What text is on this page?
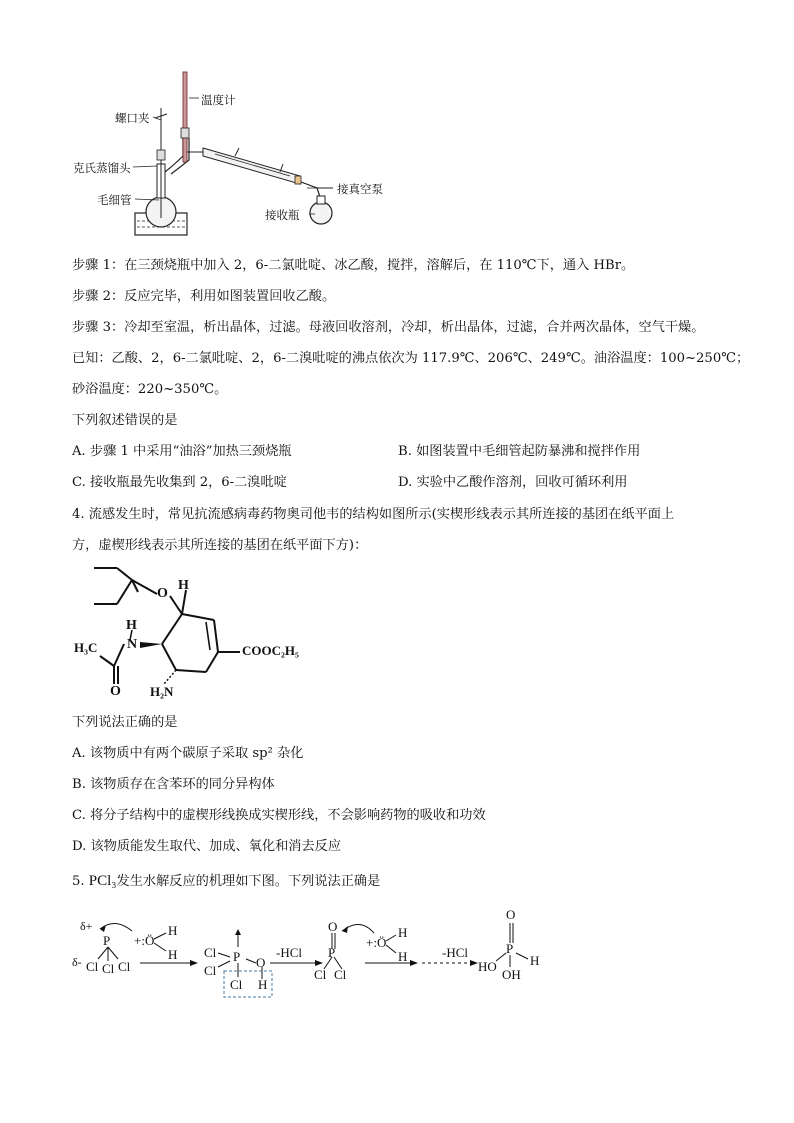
温度计
螺口夹
克氏蒸馏头
毛细管
接真空泵
接收瓶
步骤 1：在三颈烧瓶中加入 2，6-二氯吡啶、冰乙酸，搅拌，溶解后，在 110℃下，通入 HBr。
步骤 2：反应完毕，利用如图装置回收乙酸。
步骤 3：冷却至室温，析出晶体，过滤。母液回收溶剂，冷却，析出晶体，过滤，合并两次晶体，空气干燥。
已知：乙酸、2，6-二氯吡啶、2，6-二溴吡啶的沸点依次为 117.9℃、206℃、249℃。油浴温度：100~250℃；
砂浴温度：220~350℃。
下列叙述错误的是
A. 步骤 1 中采用“油浴”加热三颈烧瓶	B. 如图装置中毛细管起防暴沸和搅拌作用
C. 接收瓶最先收集到 2，6-二溴吡啶	D. 实验中乙酸作溶剂，回收可循环利用
4. 流感发生时，常见抗流感病毒药物奥司他韦的结构如图所示(实楔形线表示其所连接的基团在纸平面上
方，虚楔形线表示其所连接的基团在纸平面下方)：
H
O
H
N
H₃C
O H₂N
COOC₂H₅
下列说法正确的是
A. 该物质中有两个碳原子采取 sp² 杂化
B. 该物质存在含苯环的同分异构体
C. 将分子结构中的虚楔形线换成实楔形线，不会影响药物的吸收和功效
D. 该物质能发生取代、加成、氧化和消去反应
5. PCl₃发生水解反应的机理如下图。下列说法正确是
δ+
P
δ- Cl Cl Cl
+:Ö
H
H Cl
Cl
P O
Cl H
-HCl
O
P
Cl Cl
+:Ö
H
H	-HCl
O
P
HO	H
OH
